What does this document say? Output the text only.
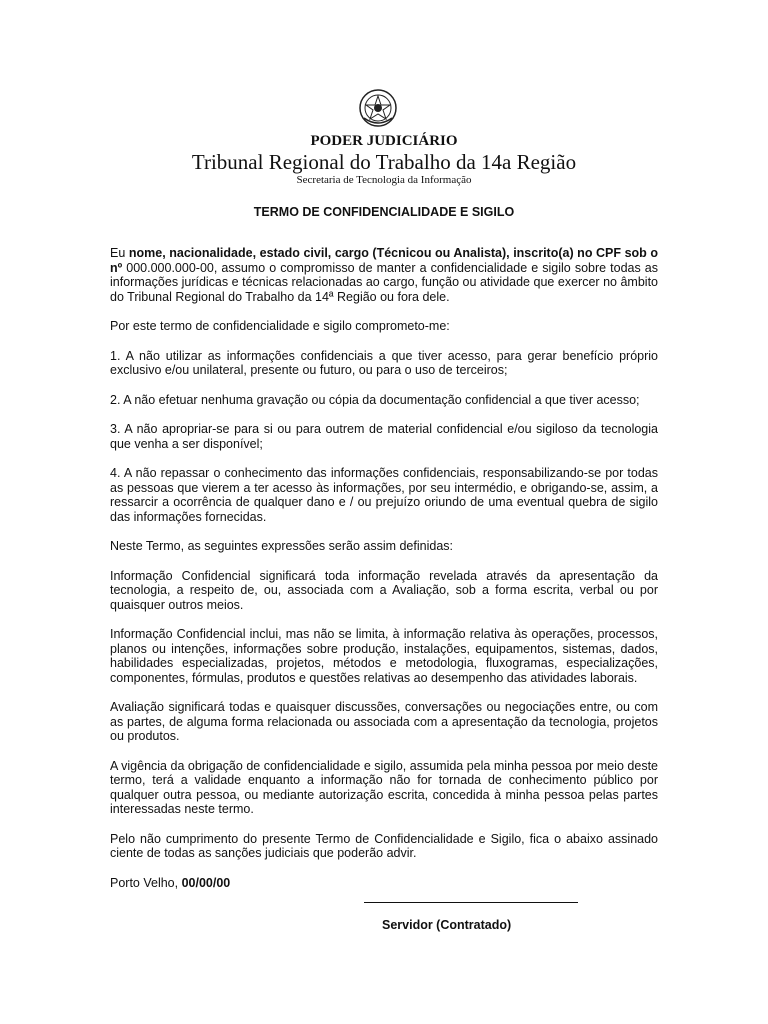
PODER JUDICIÁRIO
Tribunal Regional do Trabalho da 14a Região
Secretaria de Tecnologia da Informação
TERMO DE CONFIDENCIALIDADE E SIGILO

Eu nome, nacionalidade, estado civil, cargo (Técnicou ou Analista), inscrito(a) no CPF sob o nº 000.000.000-00, assumo o compromisso de manter a confidencialidade e sigilo sobre todas as informações jurídicas e técnicas relacionadas ao cargo, função ou atividade que exercer no âmbito do Tribunal Regional do Trabalho da 14ª Região ou fora dele.

Por este termo de confidencialidade e sigilo comprometo-me:

1. A não utilizar as informações confidenciais a que tiver acesso, para gerar benefício próprio exclusivo e/ou unilateral, presente ou futuro, ou para o uso de terceiros;

2. A não efetuar nenhuma gravação ou cópia da documentação confidencial a que tiver acesso;

3. A não apropriar-se para si ou para outrem de material confidencial e/ou sigiloso da tecnologia que venha a ser disponível;

4. A não repassar o conhecimento das informações confidenciais, responsabilizando-se por todas as pessoas que vierem a ter acesso às informações, por seu intermédio, e obrigando-se, assim, a ressarcir a ocorrência de qualquer dano e / ou prejuízo oriundo de uma eventual quebra de sigilo das informações fornecidas.

Neste Termo, as seguintes expressões serão assim definidas:

Informação Confidencial significará toda informação revelada através da apresentação da tecnologia, a respeito de, ou, associada com a Avaliação, sob a forma escrita, verbal ou por quaisquer outros meios.

Informação Confidencial inclui, mas não se limita, à informação relativa às operações, processos, planos ou intenções, informações sobre produção, instalações, equipamentos, sistemas, dados, habilidades especializadas, projetos, métodos e metodologia, fluxogramas, especializações, componentes, fórmulas, produtos e questões relativas ao desempenho das atividades laborais.

Avaliação significará todas e quaisquer discussões, conversações ou negociações entre, ou com as partes, de alguma forma relacionada ou associada com a apresentação da tecnologia, projetos ou produtos.

A vigência da obrigação de confidencialidade e sigilo, assumida pela minha pessoa por meio deste termo, terá a validade enquanto a informação não for tornada de conhecimento público por qualquer outra pessoa, ou mediante autorização escrita, concedida à minha pessoa pelas partes interessadas neste termo.

Pelo não cumprimento do presente Termo de Confidencialidade e Sigilo, fica o abaixo assinado ciente de todas as sanções judiciais que poderão advir.

Porto Velho, 00/00/00

Servidor (Contratado)
